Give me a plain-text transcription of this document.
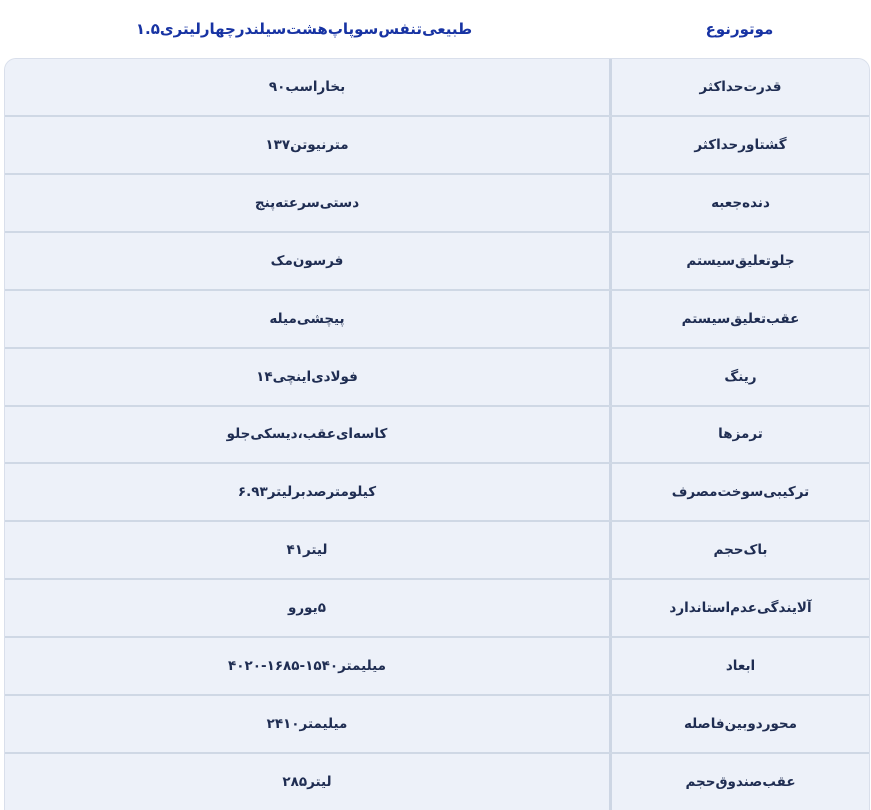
۱.۵ لیتری چهار سیلندر هشت سوپاپ تنفس طبیعی	نوع موتور
۹۰ اسب بخار	حداکثر قدرت
۱۳۷ نیوتن متر	حداکثر گشتاور
پنج سرعته دستی	جعبه دنده
مک فرسون	سیستم تعلیق جلو
میله پیچشی	سیستم تعلیق عقب
۱۴ اینچی فولادی	رینگ
جلو دیسکی ، عقب کاسه‌ای	ترمزها
۶.۹۳ لیتر بر صد کیلومتر	مصرف سوخت ترکیبی
۴۱ لیتر	حجم باک
یورو ۵	استاندارد عدم آلایندگی
۴۰۲۰ - ۱۶۸۵ - ۱۵۴۰ میلیمتر	ابعاد
۲۴۱۰ میلیمتر	فاصله بین دو محور
۲۸۵ لیتر	حجم صندوق عقب
